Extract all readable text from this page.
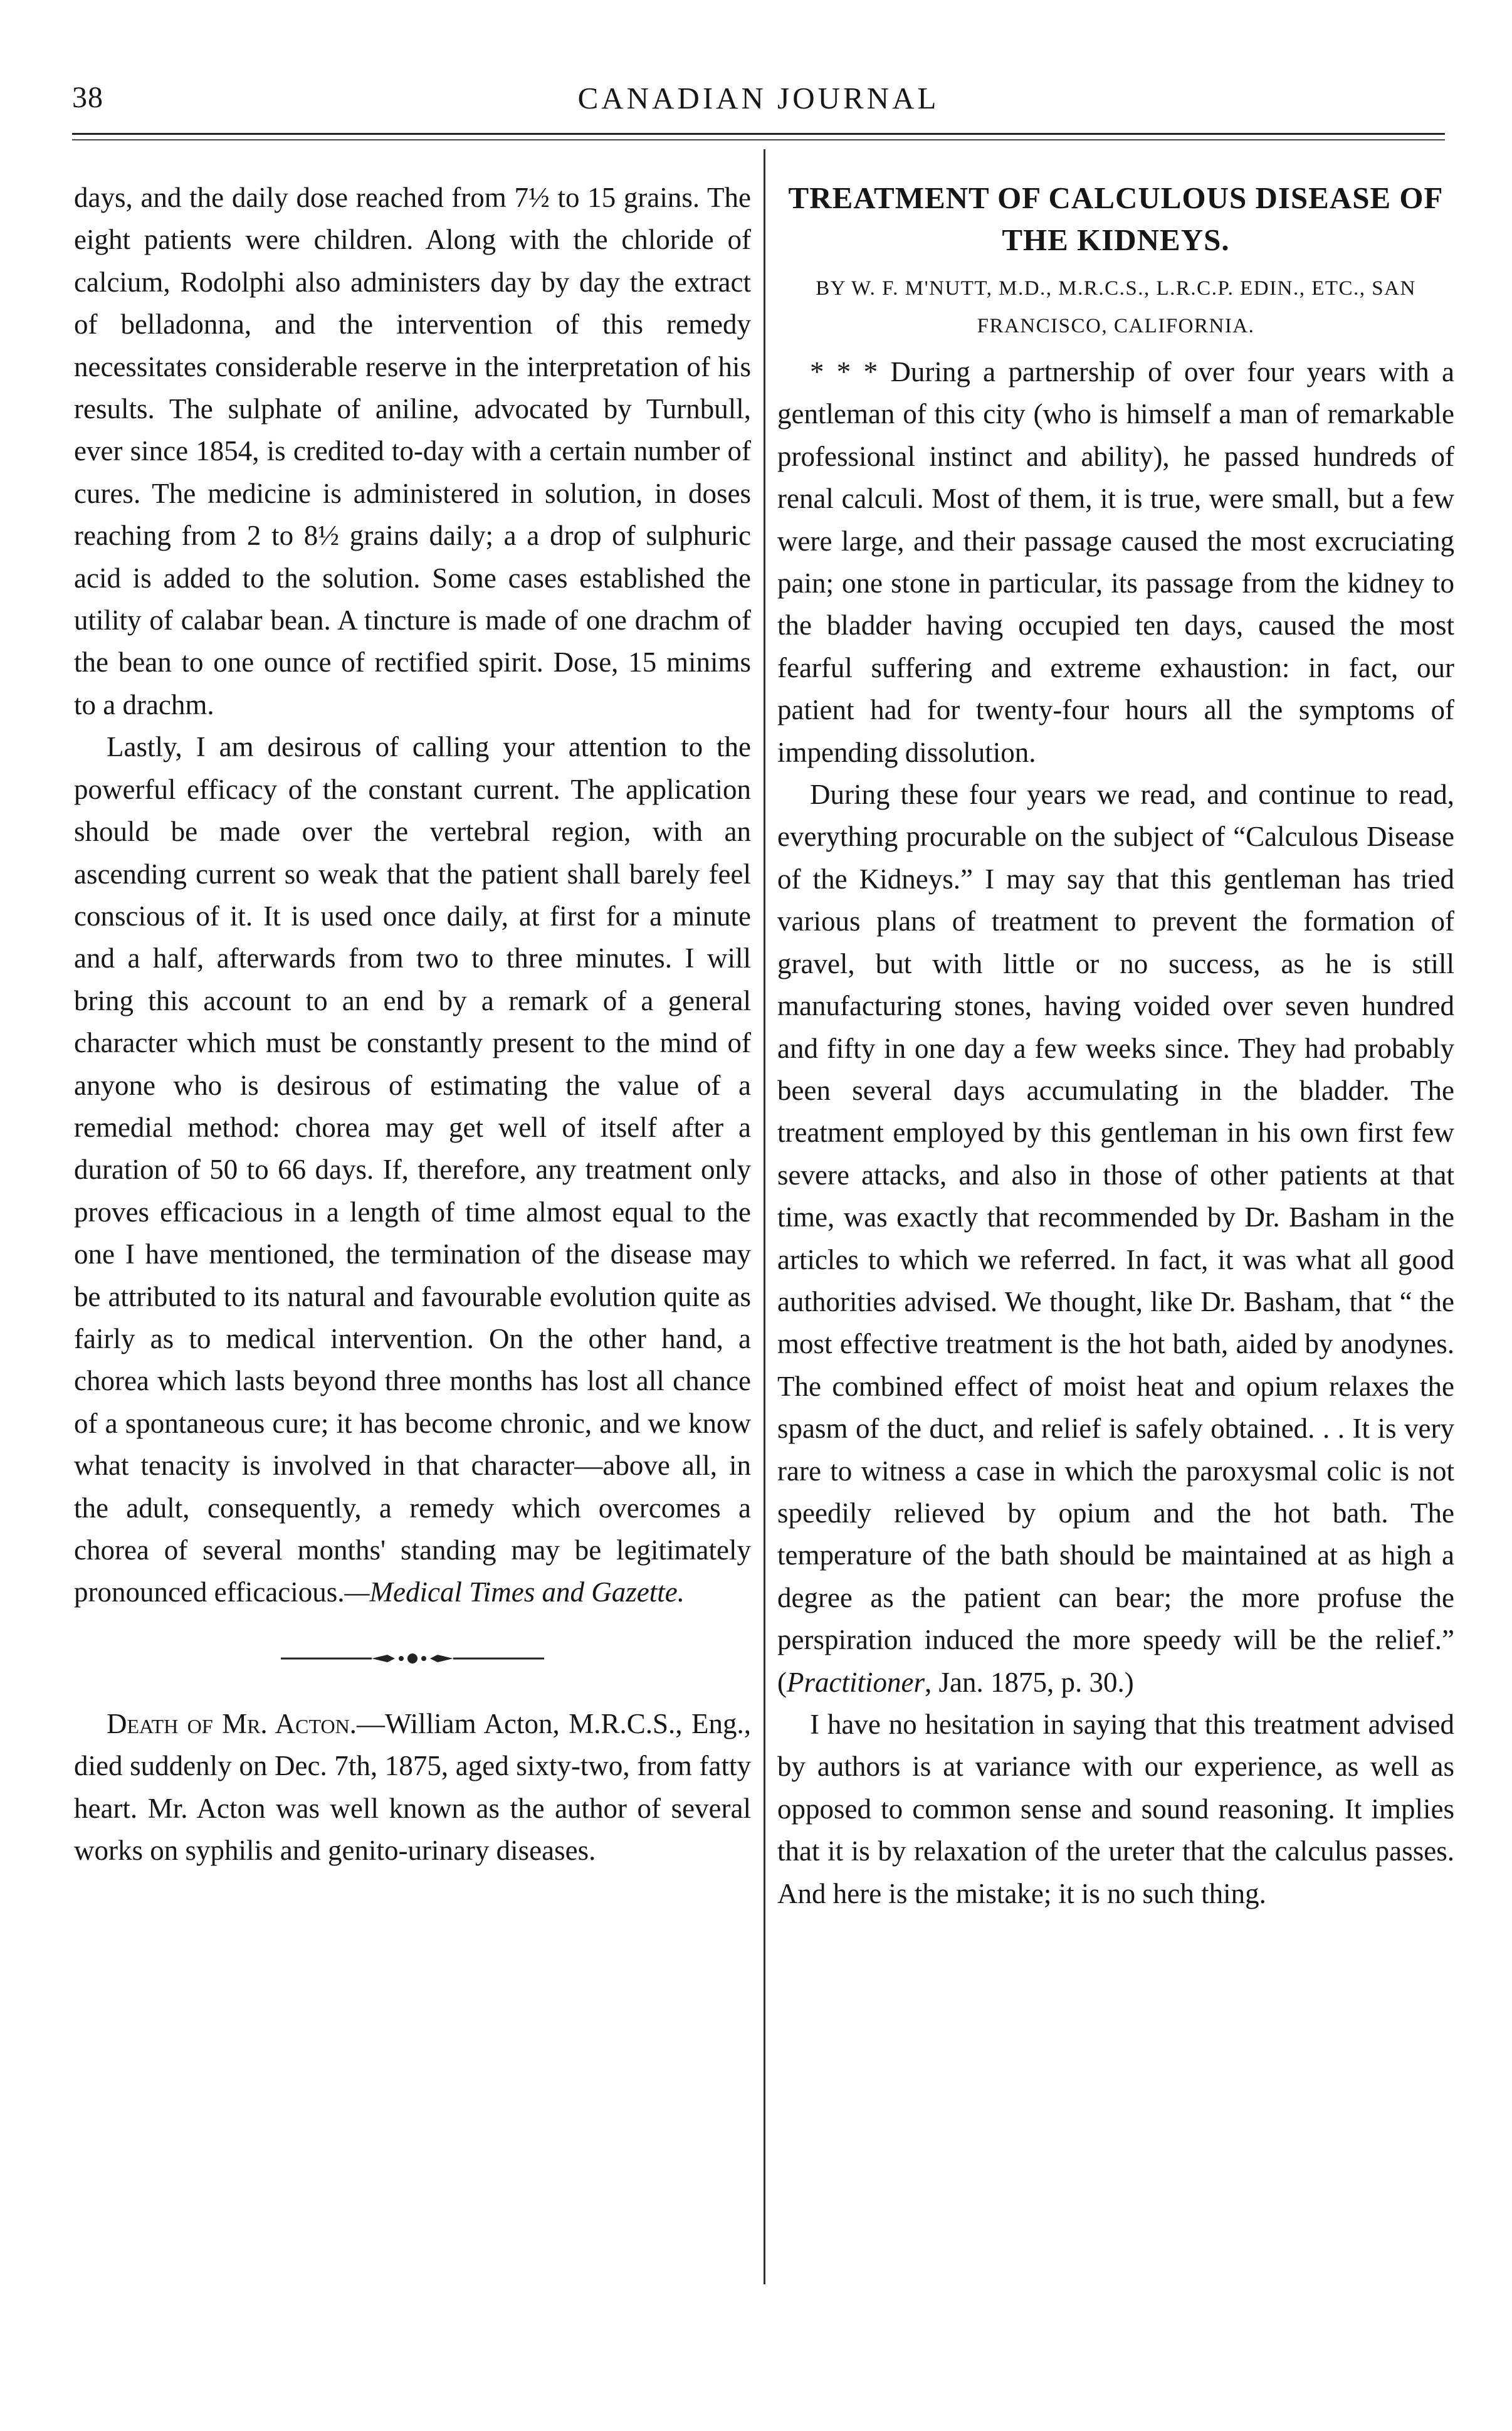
38	CANADIAN JOURNAL

days, and the daily dose reached from 7½ to 15 grains. The eight patients were children. Along with the chloride of calcium, Rodolphi also administers day by day the extract of belladonna, and the intervention of this remedy necessitates considerable reserve in the interpretation of his results. The sulphate of aniline, advocated by Turnbull, ever since 1854, is credited to-day with a certain number of cures. The medicine is administered in solution, in doses reaching from 2 to 8½ grains daily; a a drop of sulphuric acid is added to the solution. Some cases established the utility of calabar bean. A tincture is made of one drachm of the bean to one ounce of rectified spirit. Dose, 15 minims to a drachm.

Lastly, I am desirous of calling your attention to the powerful efficacy of the constant current. The application should be made over the vertebral region, with an ascending current so weak that the patient shall barely feel conscious of it. It is used once daily, at first for a minute and a half, afterwards from two to three minutes. I will bring this account to an end by a remark of a general character which must be constantly present to the mind of anyone who is desirous of estimating the value of a remedial method: chorea may get well of itself after a duration of 50 to 66 days. If, therefore, any treatment only proves efficacious in a length of time almost equal to the one I have mentioned, the termination of the disease may be attributed to its natural and favourable evolution quite as fairly as to medical intervention. On the other hand, a chorea which lasts beyond three months has lost all chance of a spontaneous cure; it has become chronic, and we know what tenacity is involved in that character—above all, in the adult, consequently, a remedy which overcomes a chorea of several months' standing may be legitimately pronounced efficacious.—Medical Times and Gazette.

Death of Mr. Acton.—William Acton, M.R.C.S., Eng., died suddenly on Dec. 7th, 1875, aged sixty-two, from fatty heart. Mr. Acton was well known as the author of several works on syphilis and genito-urinary diseases.

TREATMENT OF CALCULOUS DISEASE OF THE KIDNEYS.
BY W. F. M'NUTT, M.D., M.R.C.S., L.R.C.P. EDIN., ETC., SAN FRANCISCO, CALIFORNIA.

* * * During a partnership of over four years with a gentleman of this city (who is himself a man of remarkable professional instinct and ability), he passed hundreds of renal calculi. Most of them, it is true, were small, but a few were large, and their passage caused the most excruciating pain; one stone in particular, its passage from the kidney to the bladder having occupied ten days, caused the most fearful suffering and extreme exhaustion: in fact, our patient had for twenty-four hours all the symptoms of impending dissolution.

During these four years we read, and continue to read, everything procurable on the subject of “Calculous Disease of the Kidneys.” I may say that this gentleman has tried various plans of treatment to prevent the formation of gravel, but with little or no success, as he is still manufacturing stones, having voided over seven hundred and fifty in one day a few weeks since. They had probably been several days accumulating in the bladder. The treatment employed by this gentleman in his own first few severe attacks, and also in those of other patients at that time, was exactly that recommended by Dr. Basham in the articles to which we referred. In fact, it was what all good authorities advised. We thought, like Dr. Basham, that “ the most effective treatment is the hot bath, aided by anodynes. The combined effect of moist heat and opium relaxes the spasm of the duct, and relief is safely obtained. . . It is very rare to witness a case in which the paroxysmal colic is not speedily relieved by opium and the hot bath. The temperature of the bath should be maintained at as high a degree as the patient can bear; the more profuse the perspiration induced the more speedy will be the relief.” (Practitioner, Jan. 1875, p. 30.)

I have no hesitation in saying that this treatment advised by authors is at variance with our experience, as well as opposed to common sense and sound reasoning. It implies that it is by relaxation of the ureter that the calculus passes. And here is the mistake; it is no such thing.
